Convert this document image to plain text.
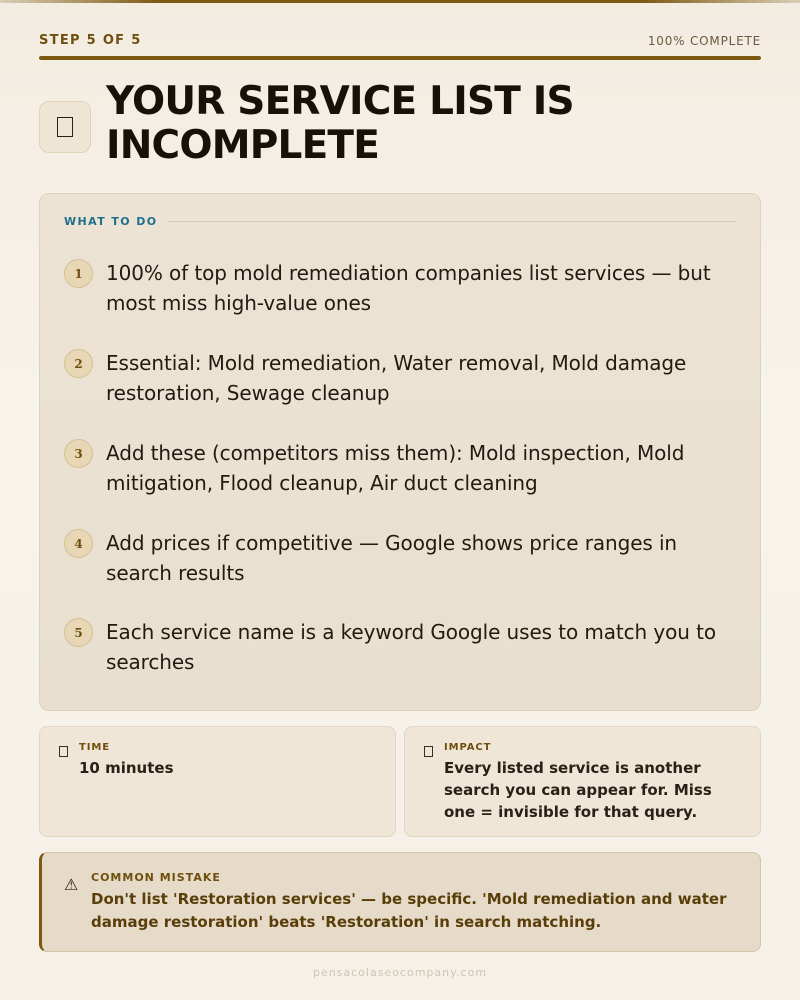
STEP 5 OF 5	100% COMPLETE
YOUR SERVICE LIST IS INCOMPLETE
WHAT TO DO
1	100% of top mold remediation companies list services — but most miss high-value ones
2	Essential: Mold remediation, Water removal, Mold damage restoration, Sewage cleanup
3	Add these (competitors miss them): Mold inspection, Mold mitigation, Flood cleanup, Air duct cleaning
4	Add prices if competitive — Google shows price ranges in search results
5	Each service name is a keyword Google uses to match you to searches
TIME
10 minutes
IMPACT
Every listed service is another search you can appear for. Miss one = invisible for that query.
⚠ COMMON MISTAKE
Don't list 'Restoration services' — be specific. 'Mold remediation and water damage restoration' beats 'Restoration' in search matching.
pensacolaseocompany.com
